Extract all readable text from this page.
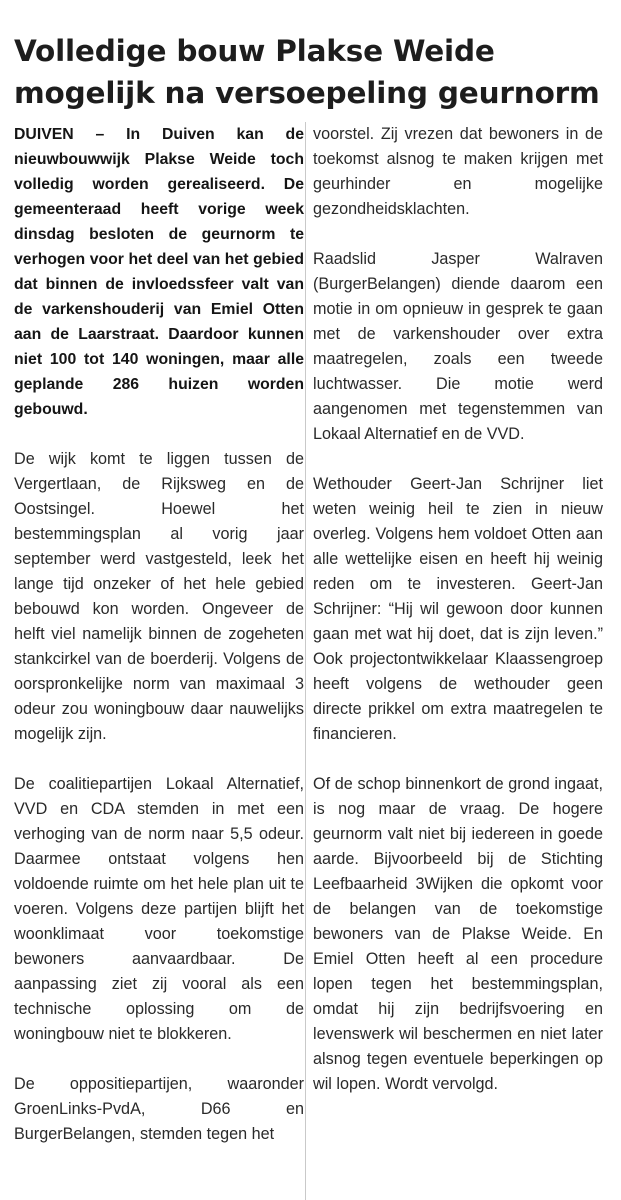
Volledige bouw Plakse Weide mogelijk na versoepeling geurnorm

DUIVEN – In Duiven kan de nieuwbouwwijk Plakse Weide toch volledig worden gerealiseerd. De gemeenteraad heeft vorige week dinsdag besloten de geurnorm te verhogen voor het deel van het gebied dat binnen de invloedssfeer valt van de varkenshouderij van Emiel Otten aan de Laarstraat. Daardoor kunnen niet 100 tot 140 woningen, maar alle geplande 286 huizen worden gebouwd.

De wijk komt te liggen tussen de Vergertlaan, de Rijksweg en de Oostsingel. Hoewel het bestemmingsplan al vorig jaar september werd vastgesteld, leek het lange tijd onzeker of het hele gebied bebouwd kon worden. Ongeveer de helft viel namelijk binnen de zogeheten stankcirkel van de boerderij. Volgens de oorspronkelijke norm van maximaal 3 odeur zou woningbouw daar nauwelijks mogelijk zijn.

De coalitiepartijen Lokaal Alternatief, VVD en CDA stemden in met een verhoging van de norm naar 5,5 odeur. Daarmee ontstaat volgens hen voldoende ruimte om het hele plan uit te voeren. Volgens deze partijen blijft het woonklimaat voor toekomstige bewoners aanvaardbaar. De aanpassing ziet zij vooral als een technische oplossing om de woningbouw niet te blokkeren.

De oppositiepartijen, waaronder GroenLinks-PvdA, D66 en BurgerBelangen, stemden tegen het

voorstel. Zij vrezen dat bewoners in de toekomst alsnog te maken krijgen met geurhinder en mogelijke gezondheidsklachten.

Raadslid Jasper Walraven (BurgerBelangen) diende daarom een motie in om opnieuw in gesprek te gaan met de varkenshouder over extra maatregelen, zoals een tweede luchtwasser. Die motie werd aangenomen met tegenstemmen van Lokaal Alternatief en de VVD.

Wethouder Geert-Jan Schrijner liet weten weinig heil te zien in nieuw overleg. Volgens hem voldoet Otten aan alle wettelijke eisen en heeft hij weinig reden om te investeren. Geert-Jan Schrijner: “Hij wil gewoon door kunnen gaan met wat hij doet, dat is zijn leven.” Ook projectontwikkelaar Klaassengroep heeft volgens de wethouder geen directe prikkel om extra maatregelen te financieren.

Of de schop binnenkort de grond ingaat, is nog maar de vraag. De hogere geurnorm valt niet bij iedereen in goede aarde. Bijvoorbeeld bij de Stichting Leefbaarheid 3Wijken die opkomt voor de belangen van de toekomstige bewoners van de Plakse Weide. En Emiel Otten heeft al een procedure lopen tegen het bestemmingsplan, omdat hij zijn bedrijfsvoering en levenswerk wil beschermen en niet later alsnog tegen eventuele beperkingen op wil lopen. Wordt vervolgd.
